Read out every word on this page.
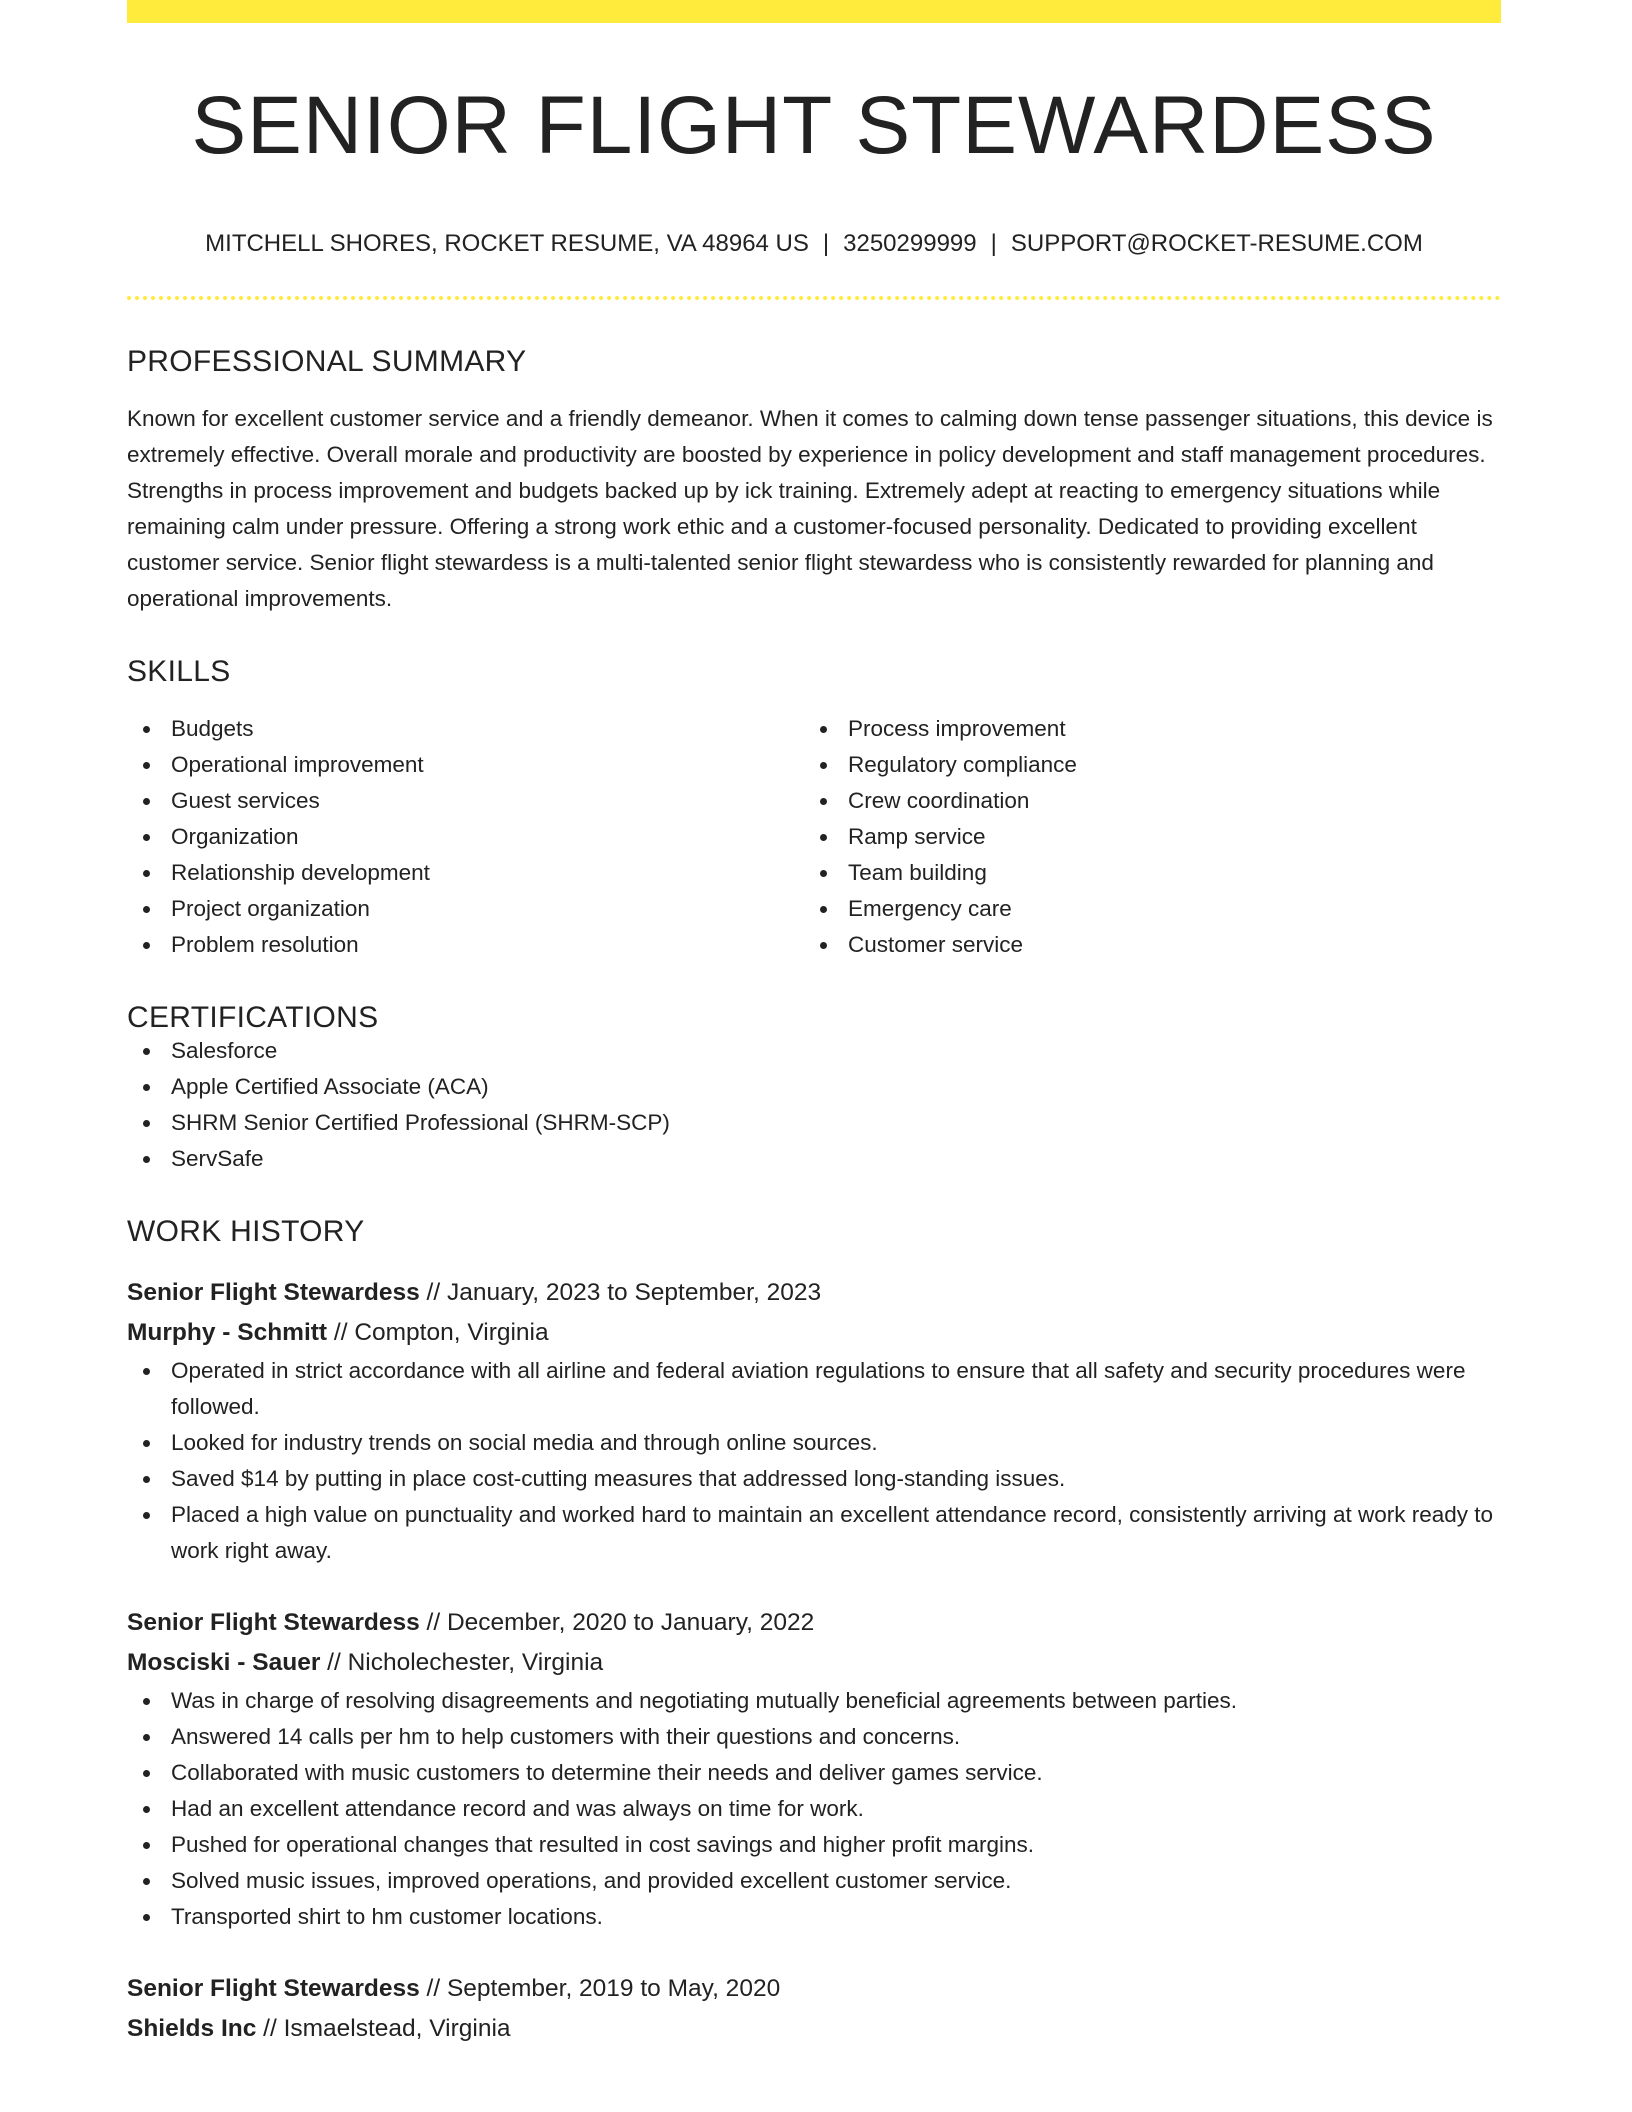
SENIOR FLIGHT STEWARDESS
MITCHELL SHORES, ROCKET RESUME, VA 48964 US | 3250299999 | SUPPORT@ROCKET-RESUME.COM
PROFESSIONAL SUMMARY

Known for excellent customer service and a friendly demeanor. When it comes to calming down tense passenger situations, this device is extremely effective. Overall morale and productivity are boosted by experience in policy development and staff management procedures. Strengths in process improvement and budgets backed up by ick training. Extremely adept at reacting to emergency situations while remaining calm under pressure. Offering a strong work ethic and a customer-focused personality. Dedicated to providing excellent customer service. Senior flight stewardess is a multi-talented senior flight stewardess who is consistently rewarded for planning and operational improvements.

SKILLS
Budgets
Operational improvement
Guest services
Organization
Relationship development
Project organization
Problem resolution
Process improvement
Regulatory compliance
Crew coordination
Ramp service
Team building
Emergency care
Customer service
CERTIFICATIONS
Salesforce
Apple Certified Associate (ACA)
SHRM Senior Certified Professional (SHRM-SCP)
ServSafe
WORK HISTORY
Senior Flight Stewardess // January, 2023 to September, 2023
Murphy - Schmitt // Compton, Virginia
Operated in strict accordance with all airline and federal aviation regulations to ensure that all safety and security procedures were followed.
Looked for industry trends on social media and through online sources.
Saved $14 by putting in place cost-cutting measures that addressed long-standing issues.
Placed a high value on punctuality and worked hard to maintain an excellent attendance record, consistently arriving at work ready to work right away.
Senior Flight Stewardess // December, 2020 to January, 2022
Mosciski - Sauer // Nicholechester, Virginia
Was in charge of resolving disagreements and negotiating mutually beneficial agreements between parties.
Answered 14 calls per hm to help customers with their questions and concerns.
Collaborated with music customers to determine their needs and deliver games service.
Had an excellent attendance record and was always on time for work.
Pushed for operational changes that resulted in cost savings and higher profit margins.
Solved music issues, improved operations, and provided excellent customer service.
Transported shirt to hm customer locations.
Senior Flight Stewardess // September, 2019 to May, 2020
Shields Inc // Ismaelstead, Virginia
